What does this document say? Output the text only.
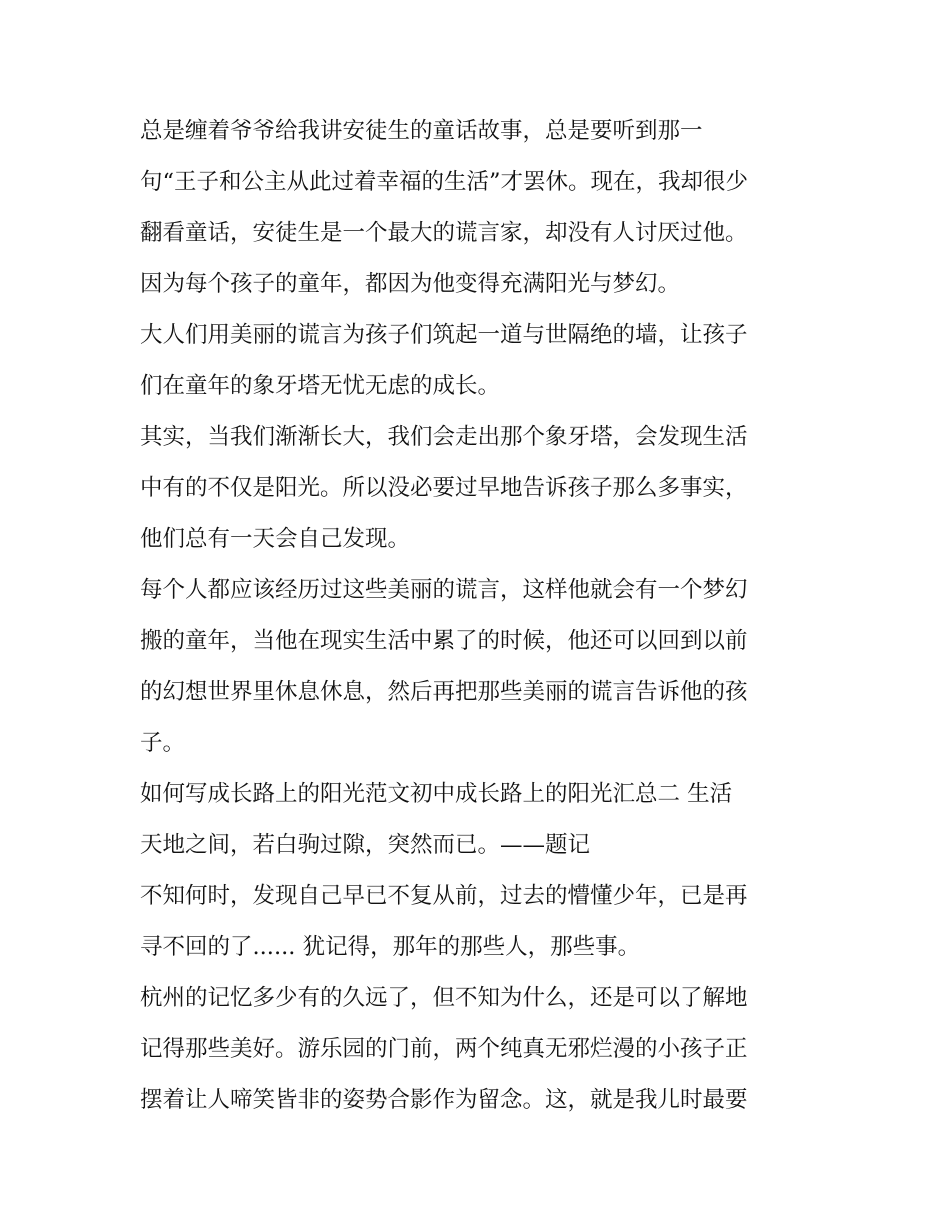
总是缠着爷爷给我讲安徒生的童话故事，总是要听到那一
句“王子和公主从此过着幸福的生活”才罢休。现在，我却很少
翻看童话，安徒生是一个最大的谎言家，却没有人讨厌过他。
因为每个孩子的童年，都因为他变得充满阳光与梦幻。
大人们用美丽的谎言为孩子们筑起一道与世隔绝的墙，让孩子
们在童年的象牙塔无忧无虑的成长。
其实，当我们渐渐长大，我们会走出那个象牙塔，会发现生活
中有的不仅是阳光。所以没必要过早地告诉孩子那么多事实，
他们总有一天会自己发现。
每个人都应该经历过这些美丽的谎言，这样他就会有一个梦幻
搬的童年，当他在现实生活中累了的时候，他还可以回到以前
的幻想世界里休息休息，然后再把那些美丽的谎言告诉他的孩
子。
如何写成长路上的阳光范文初中成长路上的阳光汇总二 生活
天地之间，若白驹过隙，突然而已。——题记
不知何时，发现自己早已不复从前，过去的懵懂少年，已是再
寻不回的了...... 犹记得，那年的那些人，那些事。
杭州的记忆多少有的久远了，但不知为什么，还是可以了解地
记得那些美好。游乐园的门前，两个纯真无邪烂漫的小孩子正
摆着让人啼笑皆非的姿势合影作为留念。这，就是我儿时最要
